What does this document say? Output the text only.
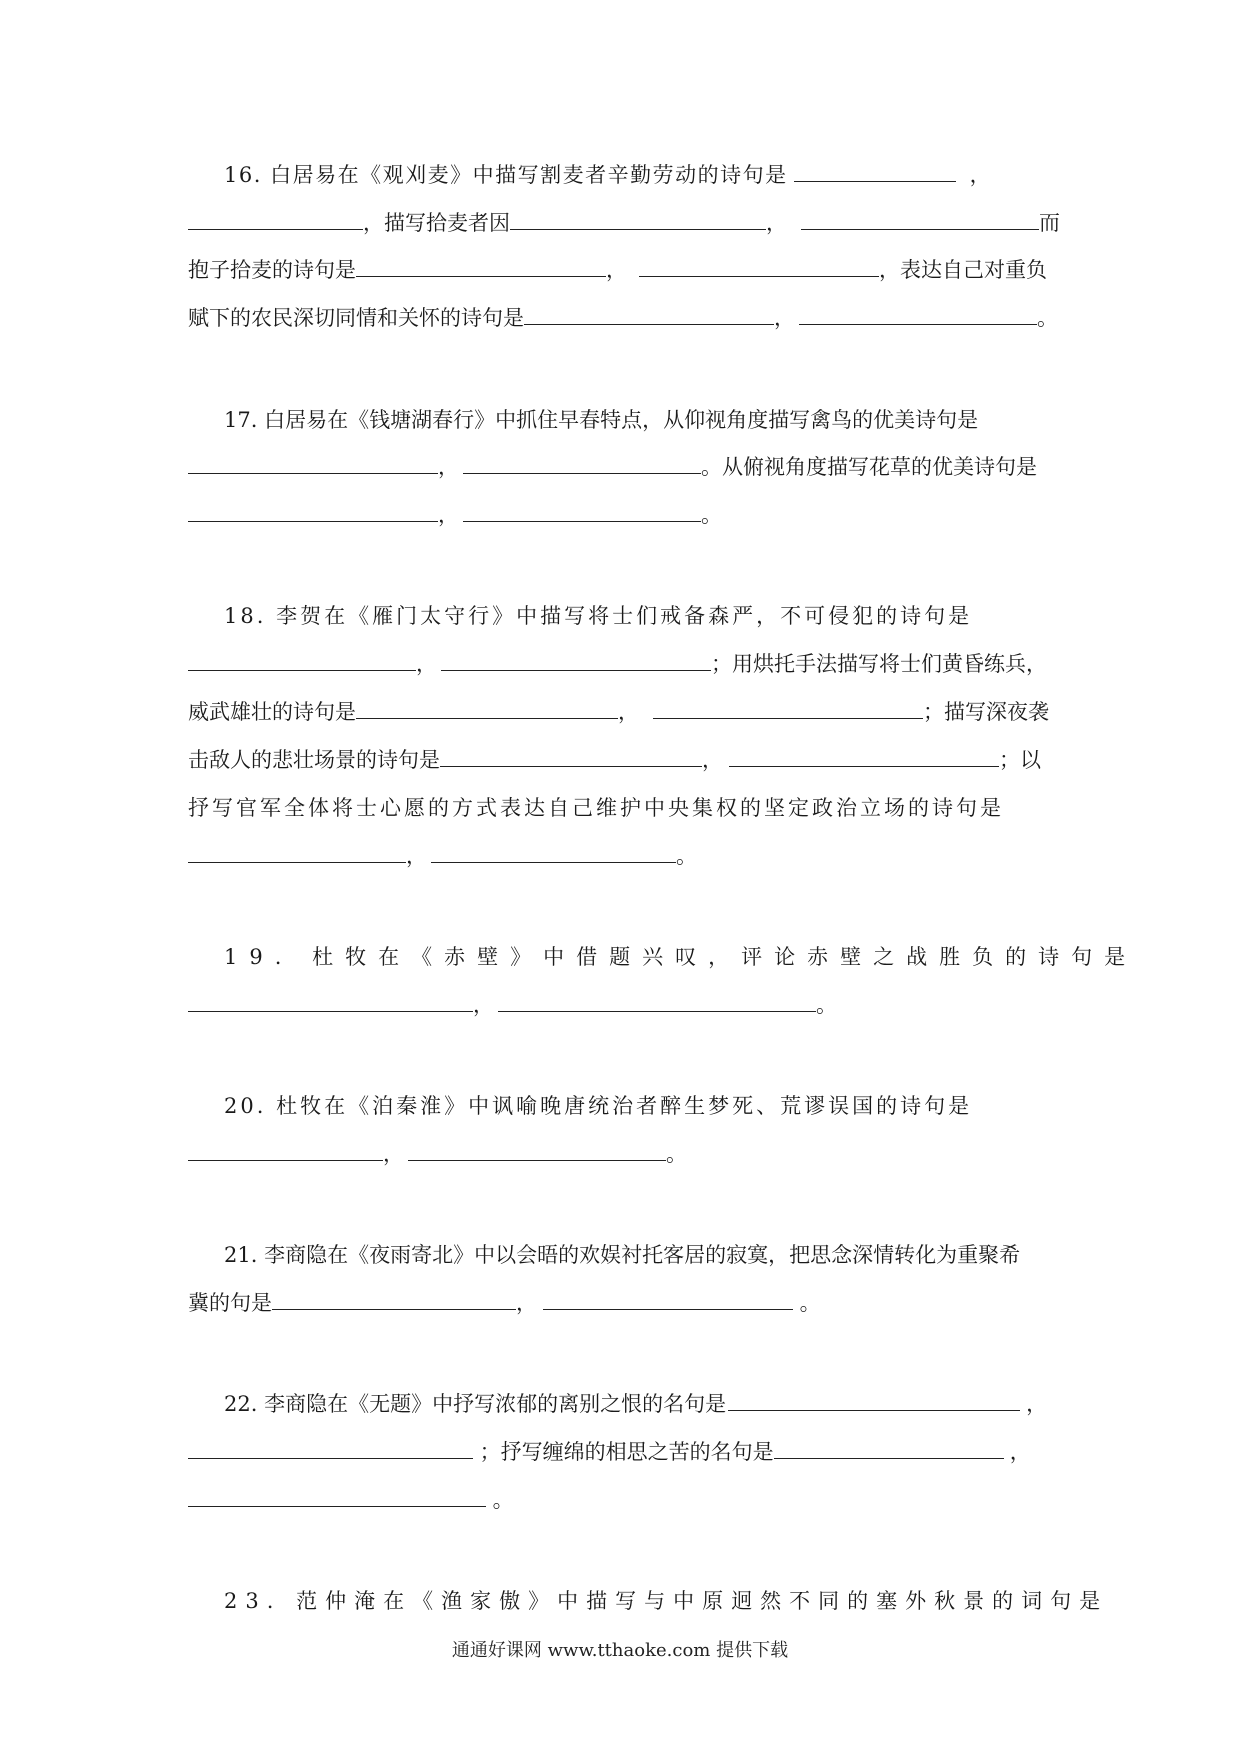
16. 白居易在《观刈麦》中描写割麦者辛勤劳动的诗句是	，
，描写拾麦者因	，	而
抱子拾麦的诗句是	，	，表达自己对重负
赋下的农民深切同情和关怀的诗句是	，	。
17. 白居易在《钱塘湖春行》中抓住早春特点，从仰视角度描写禽鸟的优美诗句是
，	。从俯视角度描写花草的优美诗句是
，	。
18. 李贺在《雁门太守行》中描写将士们戒备森严，不可侵犯的诗句是
，	；用烘托手法描写将士们黄昏练兵，
威武雄壮的诗句是	，	；描写深夜袭
击敌人的悲壮场景的诗句是	，	；以
抒写官军全体将士心愿的方式表达自己维护中央集权的坚定政治立场的诗句是
，	。
19. 杜牧在《赤壁》中借题兴叹，评论赤壁之战胜负的诗句是
，	。
20. 杜牧在《泊秦淮》中讽喻晚唐统治者醉生梦死、荒谬误国的诗句是
，	。
21. 李商隐在《夜雨寄北》中以会晤的欢娱衬托客居的寂寞，把思念深情转化为重聚希
冀的句是	，	。
22. 李商隐在《无题》中抒写浓郁的离别之恨的名句是	，
；抒写缠绵的相思之苦的名句是	，
。
23. 范仲淹在《渔家傲》中描写与中原迥然不同的塞外秋景的词句是
通通好课网 www.tthaoke.com 提供下载
